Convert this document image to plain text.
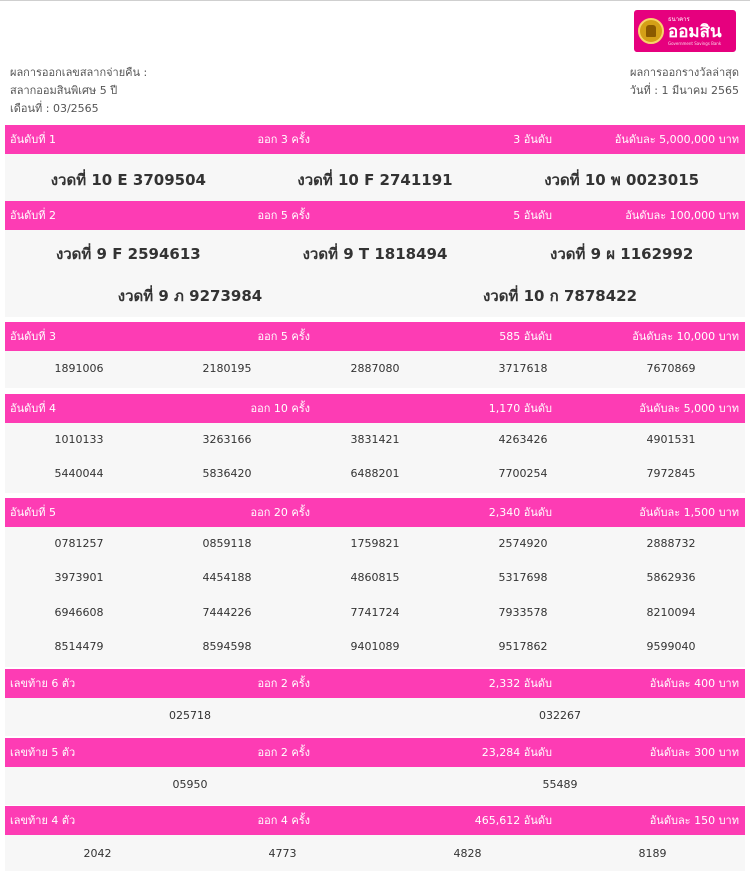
ธนาคาร
ออมสิน
Government Savings Bank
ผลการออกเลขสลากจ่ายคืน :
สลากออมสินพิเศษ 5 ปี
เดือนที่ : 03/2565
ผลการออกรางวัลล่าสุด
วันที่ : 1 มีนาคม 2565
อันดับที่ 1	ออก 3 ครั้ง	3 อันดับ	อันดับละ 5,000,000 บาท
งวดที่ 10 E 3709504	งวดที่ 10 F 2741191	งวดที่ 10 พ 0023015
อันดับที่ 2	ออก 5 ครั้ง	5 อันดับ	อันดับละ 100,000 บาท
งวดที่ 9 F 2594613	งวดที่ 9 T 1818494	งวดที่ 9 ผ 1162992
งวดที่ 9 ภ 9273984	งวดที่ 10 ก 7878422
อันดับที่ 3	ออก 5 ครั้ง	585 อันดับ	อันดับละ 10,000 บาท
1891006	2180195	2887080	3717618	7670869
อันดับที่ 4	ออก 10 ครั้ง	1,170 อันดับ	อันดับละ 5,000 บาท
1010133	3263166	3831421	4263426	4901531
5440044	5836420	6488201	7700254	7972845
อันดับที่ 5	ออก 20 ครั้ง	2,340 อันดับ	อันดับละ 1,500 บาท
0781257	0859118	1759821	2574920	2888732
3973901	4454188	4860815	5317698	5862936
6946608	7444226	7741724	7933578	8210094
8514479	8594598	9401089	9517862	9599040
เลขท้าย 6 ตัว	ออก 2 ครั้ง	2,332 อันดับ	อันดับละ 400 บาท
025718	032267
เลขท้าย 5 ตัว	ออก 2 ครั้ง	23,284 อันดับ	อันดับละ 300 บาท
05950	55489
เลขท้าย 4 ตัว	ออก 4 ครั้ง	465,612 อันดับ	อันดับละ 150 บาท
2042	4773	4828	8189
